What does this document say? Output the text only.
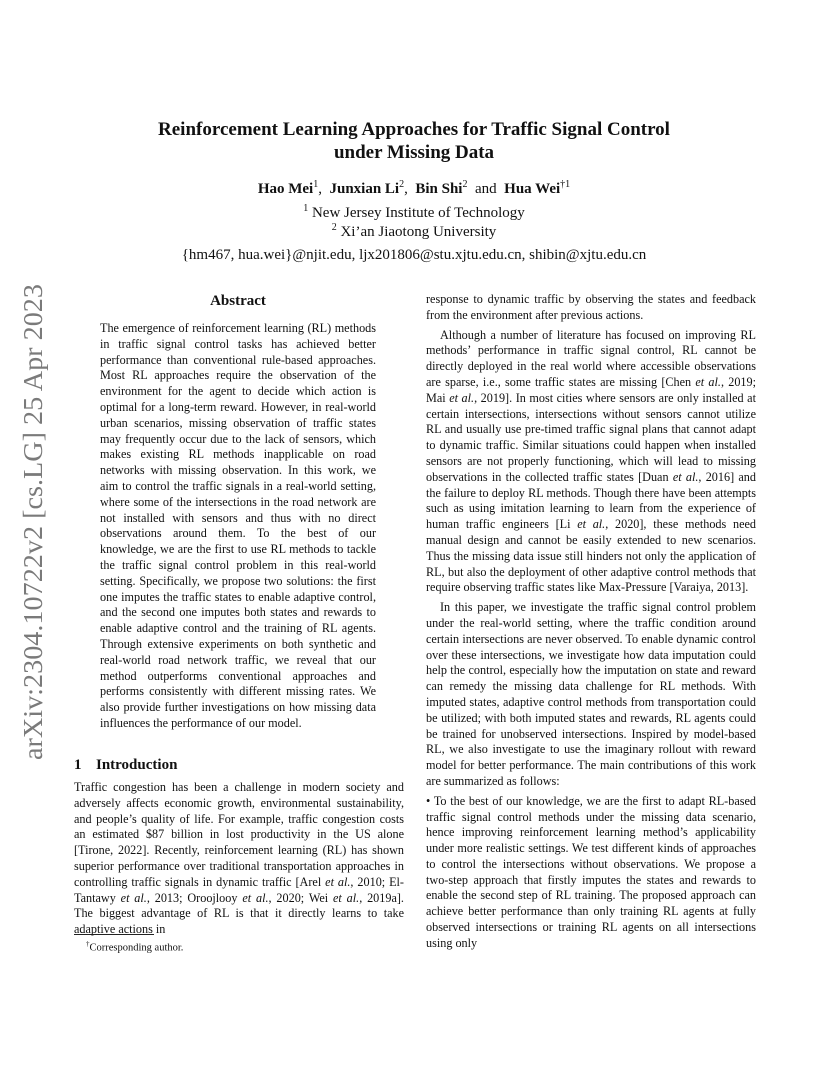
arXiv:2304.10722v2 [cs.LG] 25 Apr 2023
Reinforcement Learning Approaches for Traffic Signal Control
under Missing Data
Hao Mei$^1$, Junxian Li$^2$, Bin Shi$^2$ and Hua Wei$^{\dagger 1}$
$^1$ New Jersey Institute of Technology
$^2$ Xi’an Jiaotong University
{hm467, hua.wei}@njit.edu, ljx201806@stu.xjtu.edu.cn, shibin@xjtu.edu.cn
Abstract

The emergence of reinforcement learning (RL) methods in traffic signal control tasks has achieved better performance than conventional rule-based approaches. Most RL approaches require the observation of the environment for the agent to decide which action is optimal for a long-term reward. However, in real-world urban scenarios, missing observation of traffic states may frequently occur due to the lack of sensors, which makes existing RL methods inapplicable on road networks with missing observation. In this work, we aim to control the traffic signals in a real-world setting, where some of the intersections in the road network are not installed with sensors and thus with no direct observations around them. To the best of our knowledge, we are the first to use RL methods to tackle the traffic signal control problem in this real-world setting. Specifically, we propose two solutions: the first one imputes the traffic states to enable adaptive control, and the second one imputes both states and rewards to enable adaptive control and the training of RL agents. Through extensive experiments on both synthetic and real-world road network traffic, we reveal that our method outperforms conventional approaches and performs consistently with different missing rates. We also provide further investigations on how missing data influences the performance of our model.

1 Introduction

Traffic congestion has been a challenge in modern society and adversely affects economic growth, environmental sustainability, and people’s quality of life. For example, traffic congestion costs an estimated $87 billion in lost productivity in the US alone [Tirone, 2022]. Recently, reinforcement learning (RL) has shown superior performance over traditional transportation approaches in controlling traffic signals in dynamic traffic [Arel et al., 2010; El-Tantawy et al., 2013; Oroojlooy et al., 2020; Wei et al., 2019a]. The biggest advantage of RL is that it directly learns to take adaptive actions in

†Corresponding author.

response to dynamic traffic by observing the states and feedback from the environment after previous actions.

Although a number of literature has focused on improving RL methods’ performance in traffic signal control, RL cannot be directly deployed in the real world where accessible observations are sparse, i.e., some traffic states are missing [Chen et al., 2019; Mai et al., 2019]. In most cities where sensors are only installed at certain intersections, intersections without sensors cannot utilize RL and usually use pre-timed traffic signal plans that cannot adapt to dynamic traffic. Similar situations could happen when installed sensors are not properly functioning, which will lead to missing observations in the collected traffic states [Duan et al., 2016] and the failure to deploy RL methods. Though there have been attempts such as using imitation learning to learn from the experience of human traffic engineers [Li et al., 2020], these methods need manual design and cannot be easily extended to new scenarios. Thus the missing data issue still hinders not only the application of RL, but also the deployment of other adaptive control methods that require observing traffic states like Max-Pressure [Varaiya, 2013].

In this paper, we investigate the traffic signal control problem under the real-world setting, where the traffic condition around certain intersections are never observed. To enable dynamic control over these intersections, we investigate how data imputation could help the control, especially how the imputation on state and reward can remedy the missing data challenge for RL methods. With imputed states, adaptive control methods from transportation could be utilized; with both imputed states and rewards, RL agents could be trained for unobserved intersections. Inspired by model-based RL, we also investigate to use the imaginary rollout with reward model for better performance. The main contributions of this work are summarized as follows:

• To the best of our knowledge, we are the first to adapt RL-based traffic signal control methods under the missing data scenario, hence improving reinforcement learning method’s applicability under more realistic settings. We test different kinds of approaches to control the intersections without observations. We propose a two-step approach that firstly imputes the states and rewards to enable the second step of RL training. The proposed approach can achieve better performance than only training RL agents at fully observed intersections or training RL agents on all intersections using only
